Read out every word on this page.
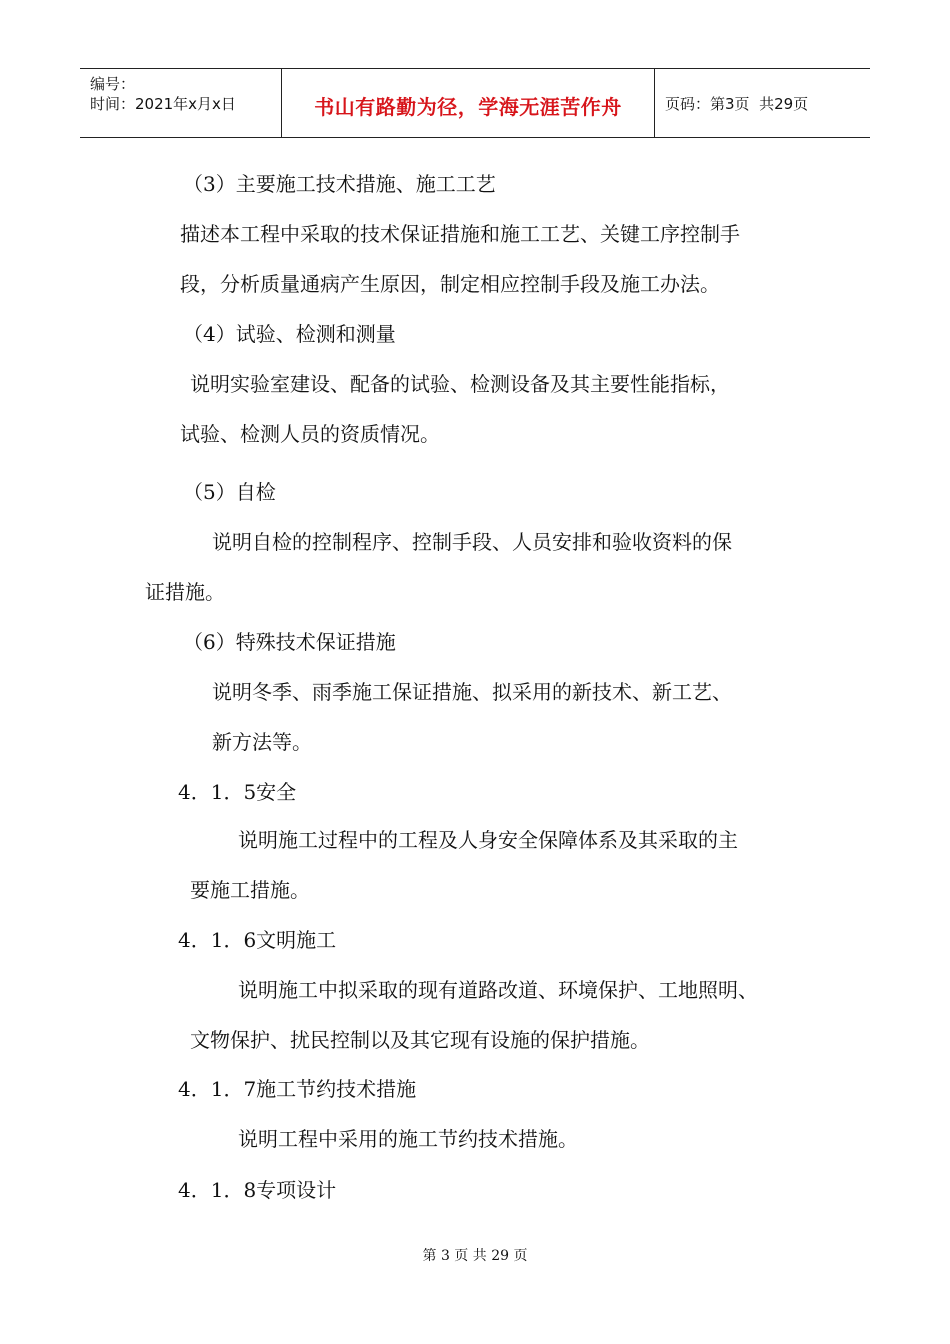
编号：
时间：2021年x月x日	书山有路勤为径，学海无涯苦作舟	页码：第3页  共29页
（3）主要施工技术措施、施工工艺
描述本工程中采取的技术保证措施和施工工艺、关键工序控制手
段，分析质量通病产生原因，制定相应控制手段及施工办法。
（4）试验、检测和测量
说明实验室建设、配备的试验、检测设备及其主要性能指标，
试验、检测人员的资质情况。
（5）自检
说明自检的控制程序、控制手段、人员安排和验收资料的保
证措施。
（6）特殊技术保证措施
说明冬季、雨季施工保证措施、拟采用的新技术、新工艺、
新方法等。
4．1．5安全
说明施工过程中的工程及人身安全保障体系及其采取的主
要施工措施。
4．1．6文明施工
说明施工中拟采取的现有道路改道、环境保护、工地照明、
文物保护、扰民控制以及其它现有设施的保护措施。
4．1．7施工节约技术措施
说明工程中采用的施工节约技术措施。
4．1．8专项设计
第 3 页 共 29 页
